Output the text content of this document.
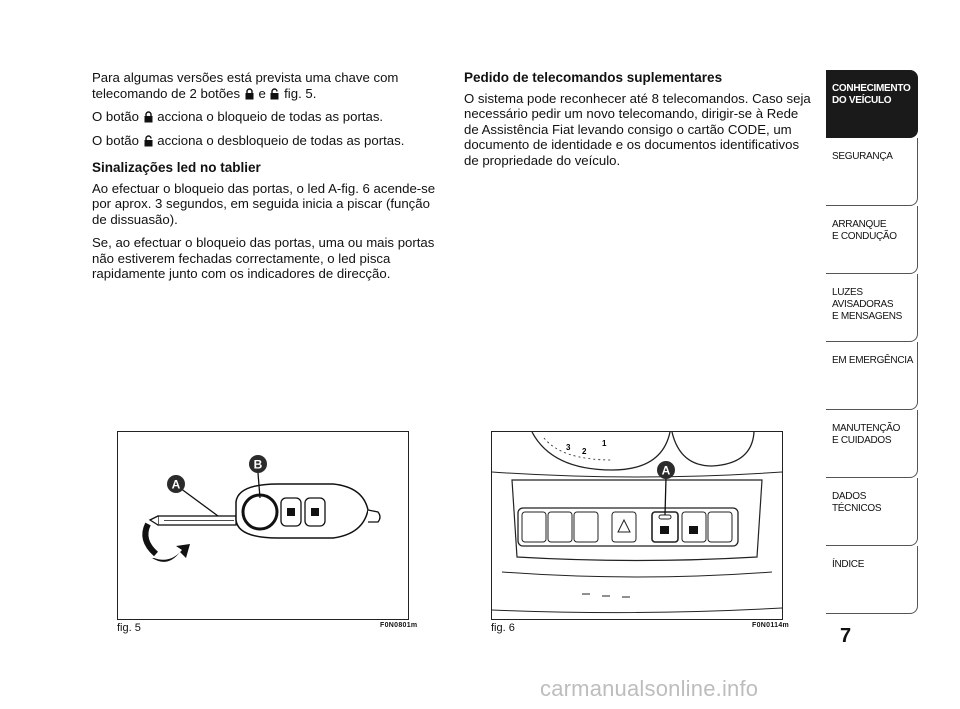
Para algumas versões está prevista uma chave com telecomando de 2 botões e fig. 5.

O botão acciona o bloqueio de todas as portas.

O botão acciona o desbloqueio de todas as portas.

Sinalizações led no tablier

Ao efectuar o bloqueio das portas, o led A-fig. 6 acende-se por aprox. 3 segundos, em seguida inicia a piscar (função de dissuasão).

Se, ao efectuar o bloqueio das portas, uma ou mais portas não estiverem fechadas correctamente, o led pisca rapidamente junto com os indicadores de direcção.

Pedido de telecomandos suplementares

O sistema pode reconhecer até 8 telecomandos. Caso seja necessário pedir um novo telecomando, dirigir-se à Rede de Assistência Fiat levando consigo o cartão CODE, um documento de identidade e os documentos identificativos de propriedade do veículo.

A
B
fig. 5	F0N0801m
3 2
1
A
fig. 6	F0N0114m
CONHECIMENTO
DO VEÍCULO
SEGURANÇA
ARRANQUE
E CONDUÇÃO
LUZES
AVISADORAS
E MENSAGENS
EM EMERGÊNCIA
MANUTENÇÃO
E CUIDADOS
DADOS
TÉCNICOS
ÍNDICE
7
carmanualsonline.info
